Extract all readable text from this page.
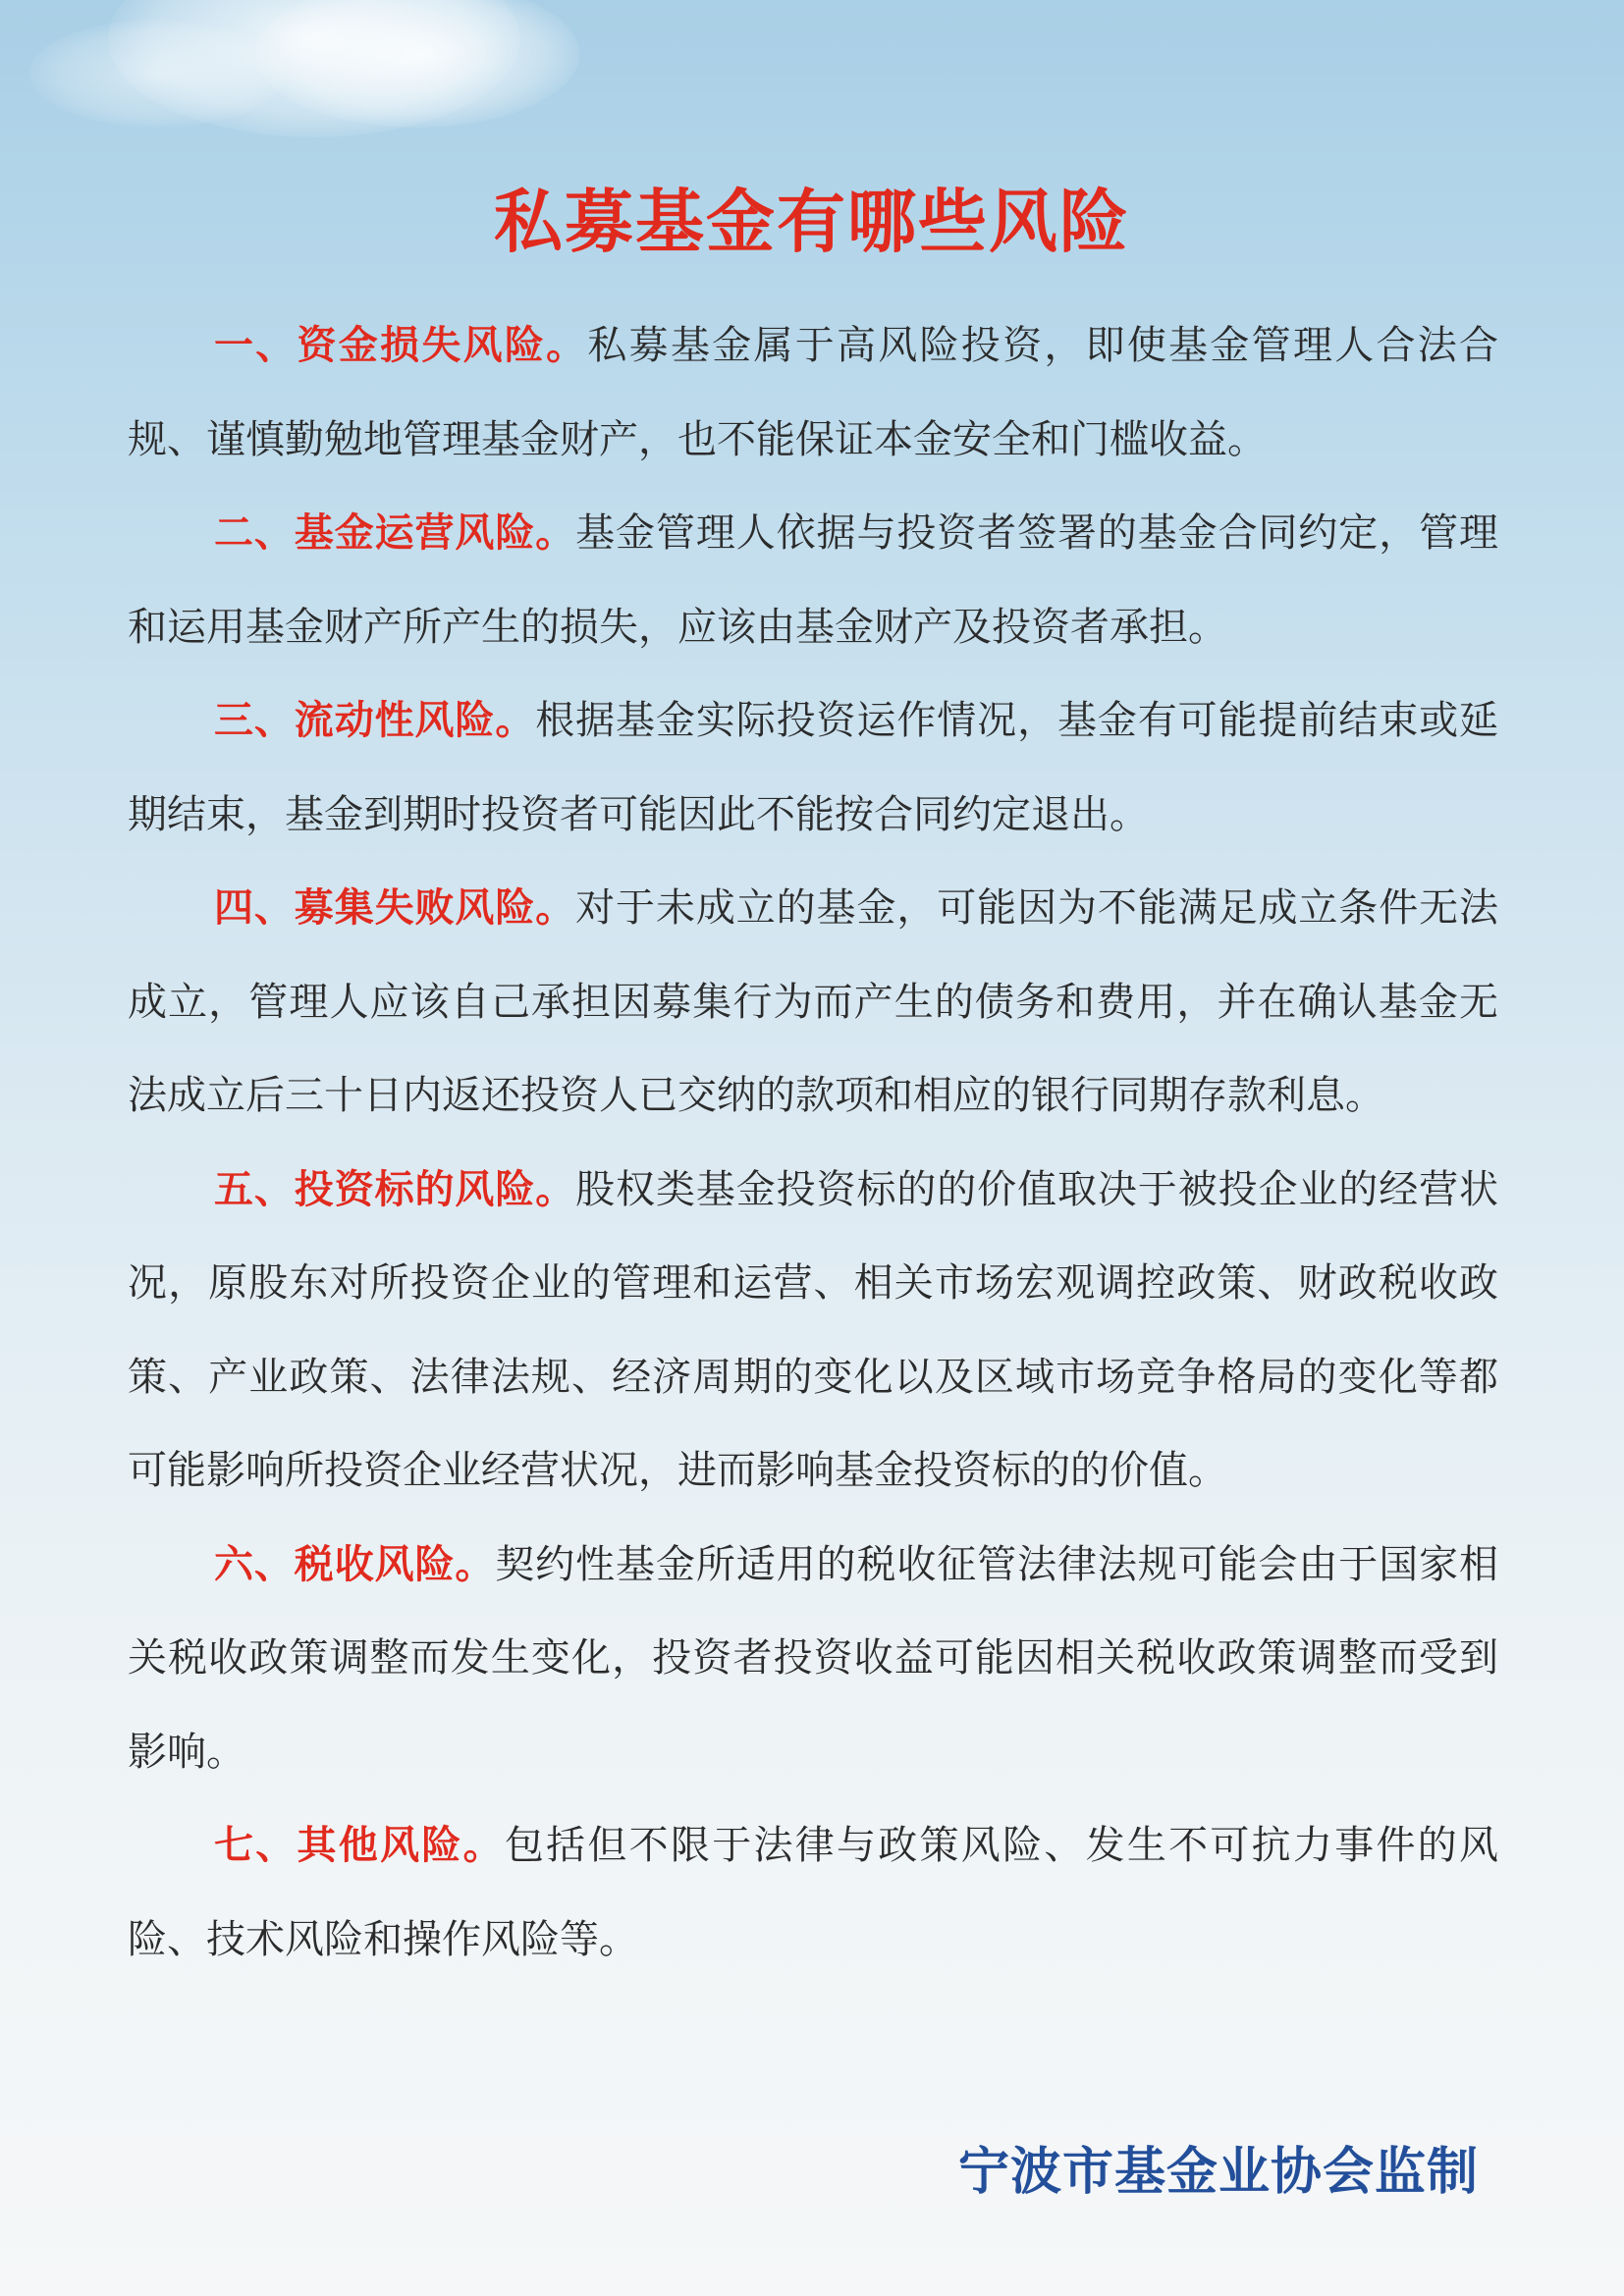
私募基金有哪些风险

一、资金损失风险。私募基金属于高风险投资，即使基金管理人合法合规、谨慎勤勉地管理基金财产，也不能保证本金安全和门槛收益。

二、基金运营风险。基金管理人依据与投资者签署的基金合同约定，管理和运用基金财产所产生的损失，应该由基金财产及投资者承担。

三、流动性风险。根据基金实际投资运作情况，基金有可能提前结束或延期结束，基金到期时投资者可能因此不能按合同约定退出。

四、募集失败风险。对于未成立的基金，可能因为不能满足成立条件无法成立，管理人应该自己承担因募集行为而产生的债务和费用，并在确认基金无法成立后三十日内返还投资人已交纳的款项和相应的银行同期存款利息。

五、投资标的风险。股权类基金投资标的的价值取决于被投企业的经营状况，原股东对所投资企业的管理和运营、相关市场宏观调控政策、财政税收政策、产业政策、法律法规、经济周期的变化以及区域市场竞争格局的变化等都可能影响所投资企业经营状况，进而影响基金投资标的的价值。

六、税收风险。契约性基金所适用的税收征管法律法规可能会由于国家相关税收政策调整而发生变化，投资者投资收益可能因相关税收政策调整而受到影响。

七、其他风险。包括但不限于法律与政策风险、发生不可抗力事件的风险、技术风险和操作风险等。

宁波市基金业协会监制
